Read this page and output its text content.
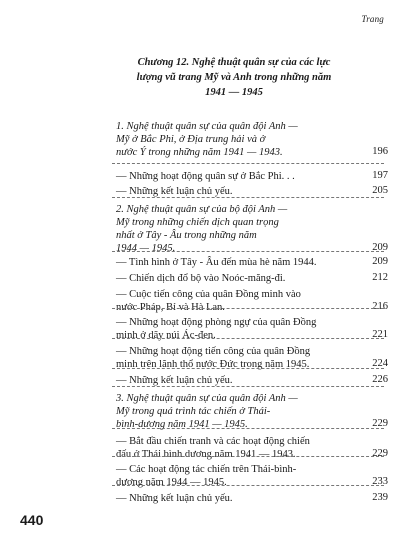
Trang
Chương 12. Nghệ thuật quân sự của các lực
lượng vũ trang Mỹ và Anh trong những năm
1941 — 1945
1. Nghệ thuật quân sự của quân đội Anh —
Mỹ ở Bắc Phi, ở Địa trung hải và ở
nước Ý trong những năm 1941 — 1943.	196
— Những hoạt động quân sự ở Bắc Phi. . .	197
— Những kết luận chủ yếu.	205
2. Nghệ thuật quân sự của bộ đội Anh —
Mỹ trong những chiến dịch quan trọng
nhất ở Tây - Âu trong những năm
1944 — 1945.	209
— Tình hình ở Tây - Âu đến mùa hè năm 1944.	209
— Chiến dịch đổ bộ vào Noóc-măng-đi.	212
— Cuộc tiến công của quân Đồng minh vào
nước Pháp, Bỉ và Hà Lan.	216
— Những hoạt động phòng ngự của quân Đồng
minh ở dãy núi Ác-đen.	221
— Những hoạt động tiến công của quân Đồng
minh trên lãnh thổ nước Đức trong năm 1945.	224
— Những kết luận chủ yếu.	226
3. Nghệ thuật quân sự của quân đội Anh —
Mỹ trong quá trình tác chiến ở Thái-
bình-dương năm 1941 — 1945.	229
— Bắt đầu chiến tranh và các hoạt động chiến
đấu ở Thái bình dương năm 1941 — 1943.	229
— Các hoạt động tác chiến trên Thái-bình-
dương năm 1944 — 1945.	233
— Những kết luận chủ yếu.	239
440
